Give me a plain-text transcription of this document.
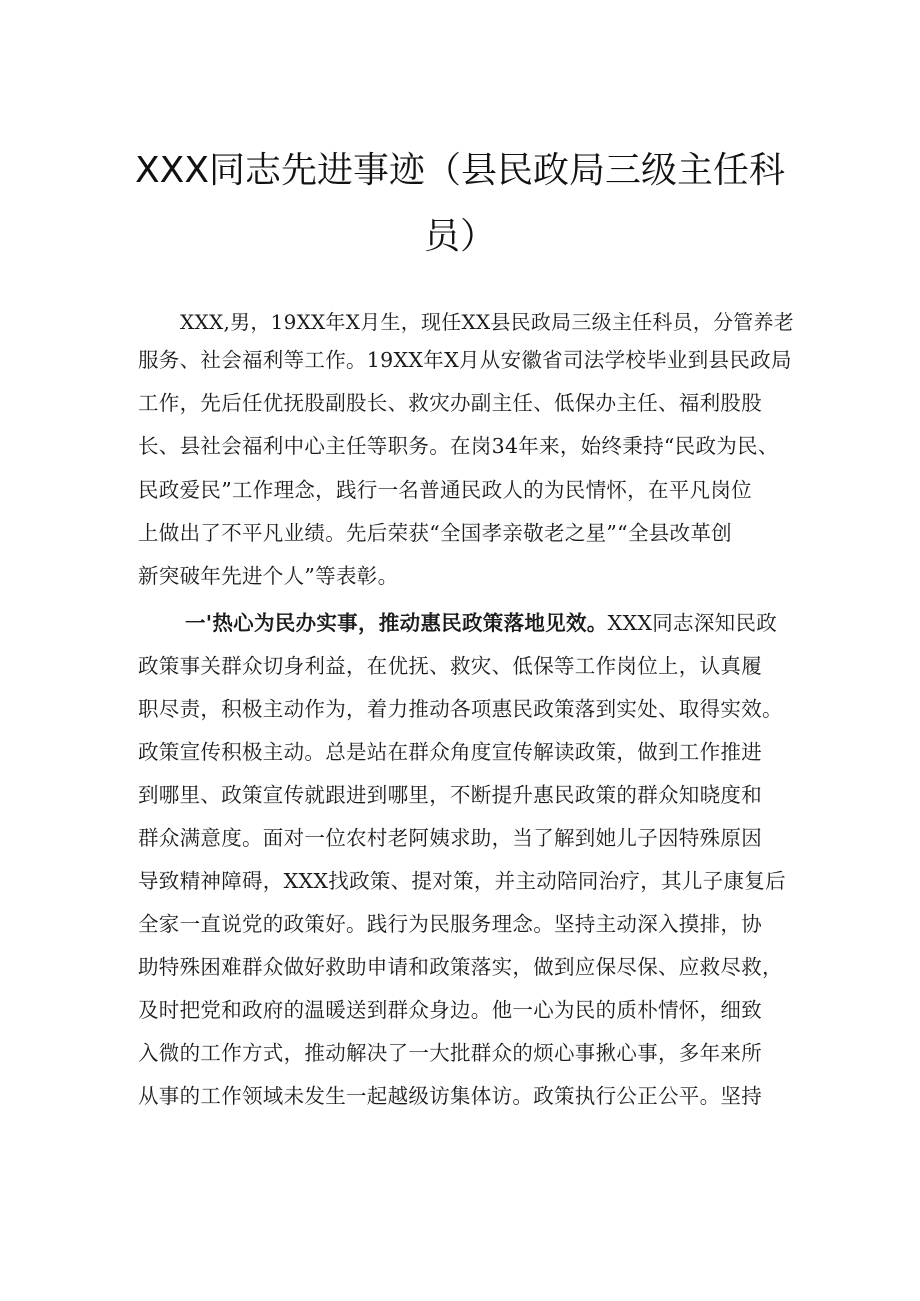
XXX同志先进事迹（县民政局三级主任科
员）
XXX,男，19XX年X月生，现任XX县民政局三级主任科员，分管养老
服务、社会福利等工作。19XX年X月从安徽省司法学校毕业到县民政局
工作，先后任优抚股副股长、救灾办副主任、低保办主任、福利股股
长、县社会福利中心主任等职务。在岗34年来，始终秉持“民政为民、
民政爱民”工作理念，践行一名普通民政人的为民情怀，在平凡岗位
上做出了不平凡业绩。先后荣获“全国孝亲敬老之星”“全县改革创
新突破年先进个人”等表彰。
一'热心为民办实事，推动惠民政策落地见效。XXX同志深知民政
政策事关群众切身利益，在优抚、救灾、低保等工作岗位上，认真履
职尽责，积极主动作为，着力推动各项惠民政策落到实处、取得实效。
政策宣传积极主动。总是站在群众角度宣传解读政策，做到工作推进
到哪里、政策宣传就跟进到哪里，不断提升惠民政策的群众知晓度和
群众满意度。面对一位农村老阿姨求助，当了解到她儿子因特殊原因
导致精神障碍，XXX找政策、提对策，并主动陪同治疗，其儿子康复后
全家一直说党的政策好。践行为民服务理念。坚持主动深入摸排，协
助特殊困难群众做好救助申请和政策落实，做到应保尽保、应救尽救，
及时把党和政府的温暖送到群众身边。他一心为民的质朴情怀，细致
入微的工作方式，推动解决了一大批群众的烦心事揪心事，多年来所
从事的工作领域未发生一起越级访集体访。政策执行公正公平。坚持
